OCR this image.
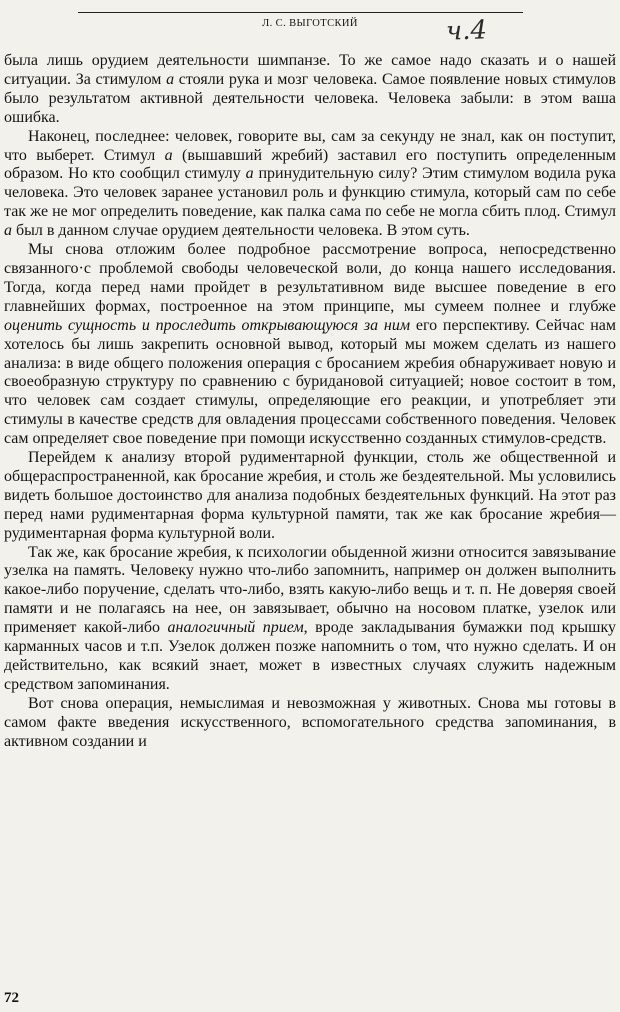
Л. С. ВЫГОТСКИЙ	ч.4

была лишь орудием деятельности шимпанзе. То же самое надо сказать и о нашей ситуации. За стимулом а стояли рука и мозг человека. Самое появление новых стимулов было результатом активной деятельности человека. Человека забыли: в этом ваша ошибка.

Наконец, последнее: человек, говорите вы, сам за секунду не знал, как он поступит, что выберет. Стимул а (вышавший жребий) заставил его поступить определенным образом. Но кто сообщил стимулу а принудительную силу? Этим стимулом водила рука человека. Это человек заранее установил роль и функцию стимула, который сам по себе так же не мог определить поведение, как палка сама по себе не могла сбить плод. Стимул а был в данном случае орудием деятельности человека. В этом суть.

Мы снова отложим более подробное рассмотрение вопроса, непосредственно связанного·с проблемой свободы человеческой воли, до конца нашего исследования. Тогда, когда перед нами пройдет в результативном виде высшее поведение в его главнейших формах, построенное на этом принципе, мы сумеем полнее и глубже оценить сущность и проследить открывающуюся за ним его перспективу. Сейчас нам хотелось бы лишь закрепить основной вывод, который мы можем сделать из нашего анализа: в виде общего положения операция с бросанием жребия обнаруживает новую и своеобразную структуру по сравнению с буридановой ситуацией; новое состоит в том, что человек сам создает стимулы, определяющие его реакции, и употребляет эти стимулы в качестве средств для овладения процессами собственного поведения. Человек сам определяет свое поведение при помощи искусственно созданных стимулов-средств.

Перейдем к анализу второй рудиментарной функции, столь же общественной и общераспространенной, как бросание жребия, и столь же бездеятельной. Мы условились видеть большое достоинство для анализа подобных бездеятельных функций. На этот раз перед нами рудиментарная форма культурной памяти, так же как бросание жребия—рудиментарная форма культурной воли.

Так же, как бросание жребия, к психологии обыденной жизни относится завязывание узелка на память. Человеку нужно что-либо запомнить, например он должен выполнить какое-либо поручение, сделать что-либо, взять какую-либо вещь и т. п. Не доверяя своей памяти и не полагаясь на нее, он завязывает, обычно на носовом платке, узелок или применяет какой-либо аналогичный прием, вроде закладывания бумажки под крышку карманных часов и т.п. Узелок должен позже напомнить о том, что нужно сделать. И он действительно, как всякий знает, может в известных случаях служить надежным средством запоминания.

Вот снова операция, немыслимая и невозможная у животных. Снова мы готовы в самом факте введения искусственного, вспомогательного средства запоминания, в активном создании и

72
